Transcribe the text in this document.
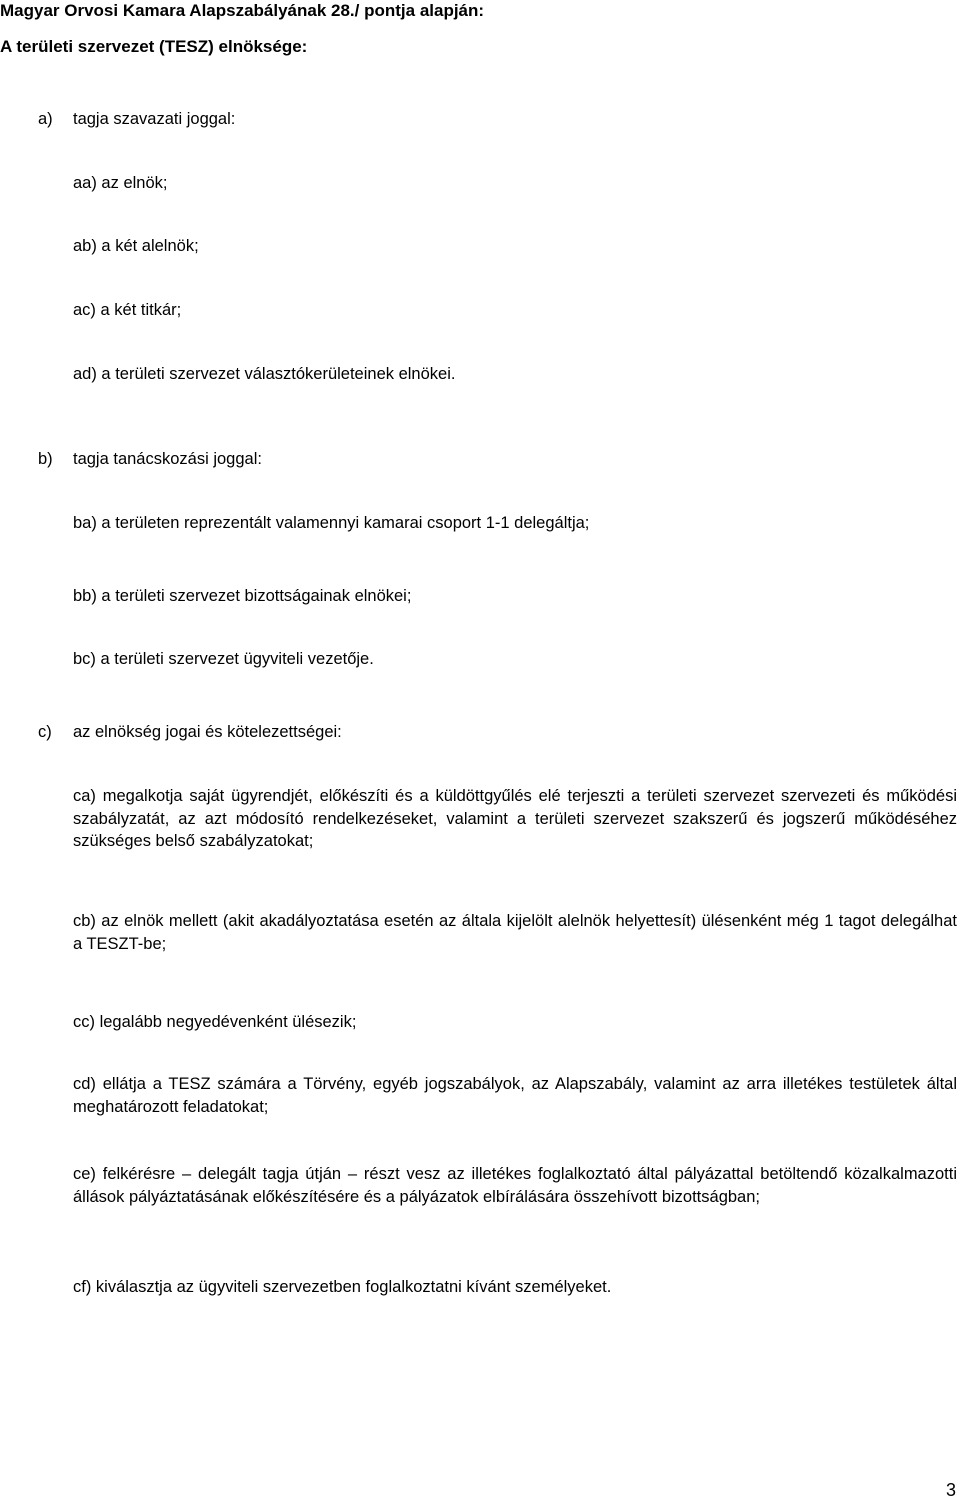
Magyar Orvosi Kamara Alapszabályának 28./ pontja alapján:
A területi szervezet (TESZ) elnöksége:
a) tagja szavazati joggal:
aa) az elnök;
ab) a két alelnök;
ac) a két titkár;
ad) a területi szervezet választókerületeinek elnökei.
b) tagja tanácskozási joggal:
ba) a területen reprezentált valamennyi kamarai csoport 1-1 delegáltja;
bb) a területi szervezet bizottságainak elnökei;
bc) a területi szervezet ügyviteli vezetője.
c) az elnökség jogai és kötelezettségei:
ca) megalkotja saját ügyrendjét, előkészíti és a küldöttgyűlés elé terjeszti a területi szervezet szervezeti és működési szabályzatát, az azt módosító rendelkezéseket, valamint a területi szervezet szakszerű és jogszerű működéséhez szükséges belső szabályzatokat;
cb) az elnök mellett (akit akadályoztatása esetén az általa kijelölt alelnök helyettesít) ülésenként még 1 tagot delegálhat a TESZT-be;
cc) legalább negyedévenként ülésezik;
cd) ellátja a TESZ számára a Törvény, egyéb jogszabályok, az Alapszabály, valamint az arra illetékes testületek által meghatározott feladatokat;
ce) felkérésre – delegált tagja útján – részt vesz az illetékes foglalkoztató által pályázattal betöltendő közalkalmazotti állások pályáztatásának előkészítésére és a pályázatok elbírálására összehívott bizottságban;
cf) kiválasztja az ügyviteli szervezetben foglalkoztatni kívánt személyeket.
3
